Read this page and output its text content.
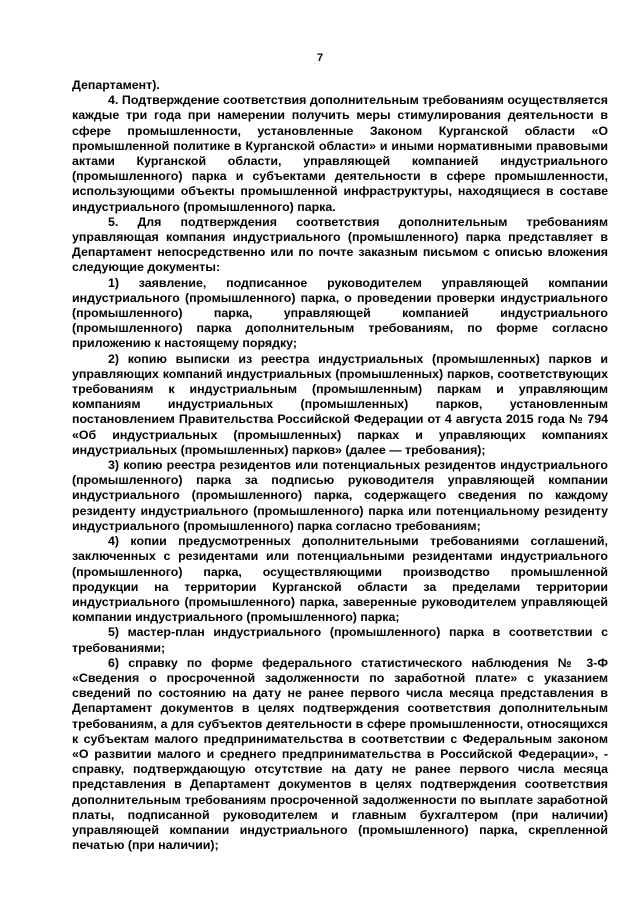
7

Департамент).

4. Подтверждение соответствия дополнительным требованиям осуществляется каждые три года при намерении получить меры стимулирования деятельности в сфере промышленности, установленные Законом Курганской области «О промышленной политике в Курганской области» и иными нормативными правовыми актами Курганской области, управляющей компанией индустриального (промышленного) парка и субъектами деятельности в сфере промышленности, использующими объекты промышленной инфраструктуры, находящиеся в составе индустриального (промышленного) парка.

5. Для подтверждения соответствия дополнительным требованиям управляющая компания индустриального (промышленного) парка представляет в Департамент непосредственно или по почте заказным письмом с описью вложения следующие документы:

1) заявление, подписанное руководителем управляющей компании индустриального (промышленного) парка, о проведении проверки индустриального (промышленного) парка, управляющей компанией индустриального (промышленного) парка дополнительным требованиям, по форме согласно приложению к настоящему порядку;

2) копию выписки из реестра индустриальных (промышленных) парков и управляющих компаний индустриальных (промышленных) парков, соответствующих требованиям к индустриальным (промышленным) паркам и управляющим компаниям индустриальных (промышленных) парков, установленным постановлением Правительства Российской Федерации от 4 августа 2015 года № 794 «Об индустриальных (промышленных) парках и управляющих компаниях индустриальных (промышленных) парков» (далее — требования);

3) копию реестра резидентов или потенциальных резидентов индустриального (промышленного) парка за подписью руководителя управляющей компании индустриального (промышленного) парка, содержащего сведения по каждому резиденту индустриального (промышленного) парка или потенциальному резиденту индустриального (промышленного) парка согласно требованиям;

4) копии предусмотренных дополнительными требованиями соглашений, заключенных с резидентами или потенциальными резидентами индустриального (промышленного) парка, осуществляющими производство промышленной продукции на территории Курганской области за пределами территории индустриального (промышленного) парка, заверенные руководителем управляющей компании индустриального (промышленного) парка;

5) мастер-план индустриального (промышленного) парка в соответствии с требованиями;

6) справку по форме федерального статистического наблюдения № 3-Ф «Сведения о просроченной задолженности по заработной плате» с указанием сведений по состоянию на дату не ранее первого числа месяца представления в Департамент документов в целях подтверждения соответствия дополнительным требованиям, а для субъектов деятельности в сфере промышленности, относящихся к субъектам малого предпринимательства в соответствии с Федеральным законом «О развитии малого и среднего предпринимательства в Российской Федерации», - справку, подтверждающую отсутствие на дату не ранее первого числа месяца представления в Департамент документов в целях подтверждения соответствия дополнительным требованиям просроченной задолженности по выплате заработной платы, подписанной руководителем и главным бухгалтером (при наличии) управляющей компании индустриального (промышленного) парка, скрепленной печатью (при наличии);
